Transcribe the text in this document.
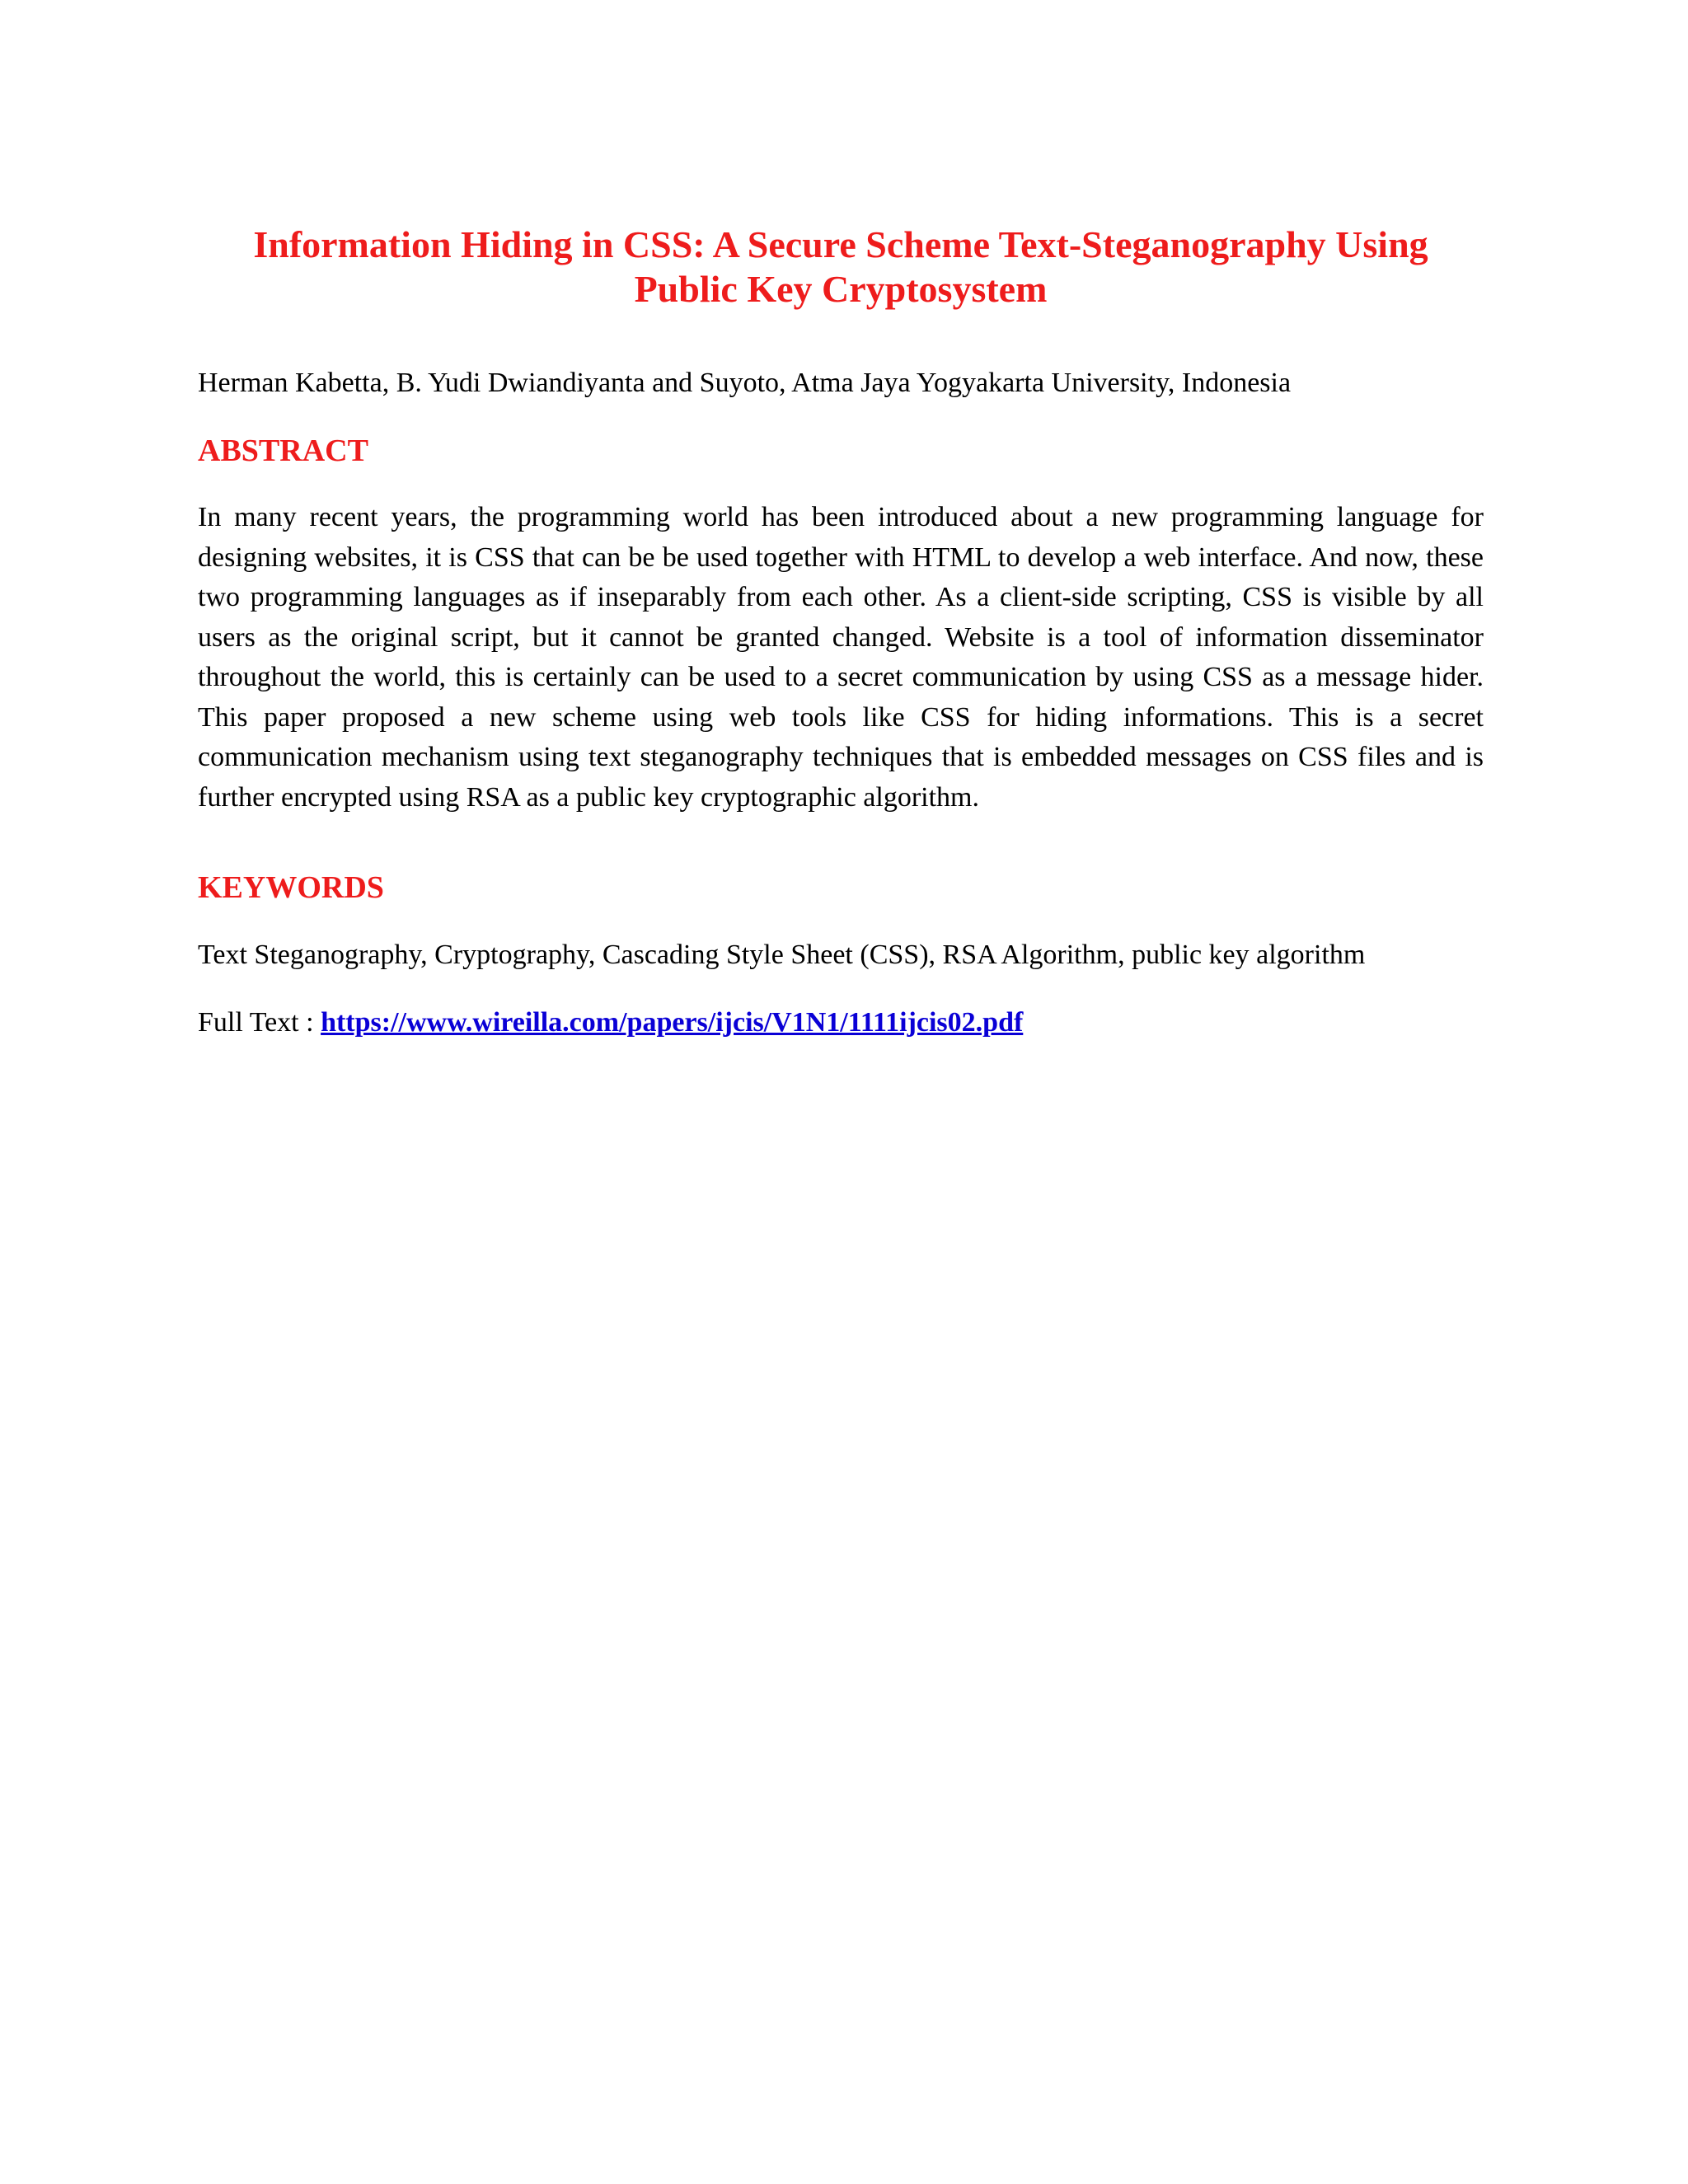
Information Hiding in CSS: A Secure Scheme Text-Steganography Using Public Key Cryptosystem

Herman Kabetta, B. Yudi Dwiandiyanta and Suyoto, Atma Jaya Yogyakarta University, Indonesia

ABSTRACT

In many recent years, the programming world has been introduced about a new programming language for designing websites, it is CSS that can be be used together with HTML to develop a web interface. And now, these two programming languages as if inseparably from each other. As a client-side scripting, CSS is visible by all users as the original script, but it cannot be granted changed. Website is a tool of information disseminator throughout the world, this is certainly can be used to a secret communication by using CSS as a message hider. This paper proposed a new scheme using web tools like CSS for hiding informations. This is a secret communication mechanism using text steganography techniques that is embedded messages on CSS files and is further encrypted using RSA as a public key cryptographic algorithm.

KEYWORDS

Text Steganography, Cryptography, Cascading Style Sheet (CSS), RSA Algorithm, public key algorithm

Full Text : https://www.wireilla.com/papers/ijcis/V1N1/1111ijcis02.pdf
